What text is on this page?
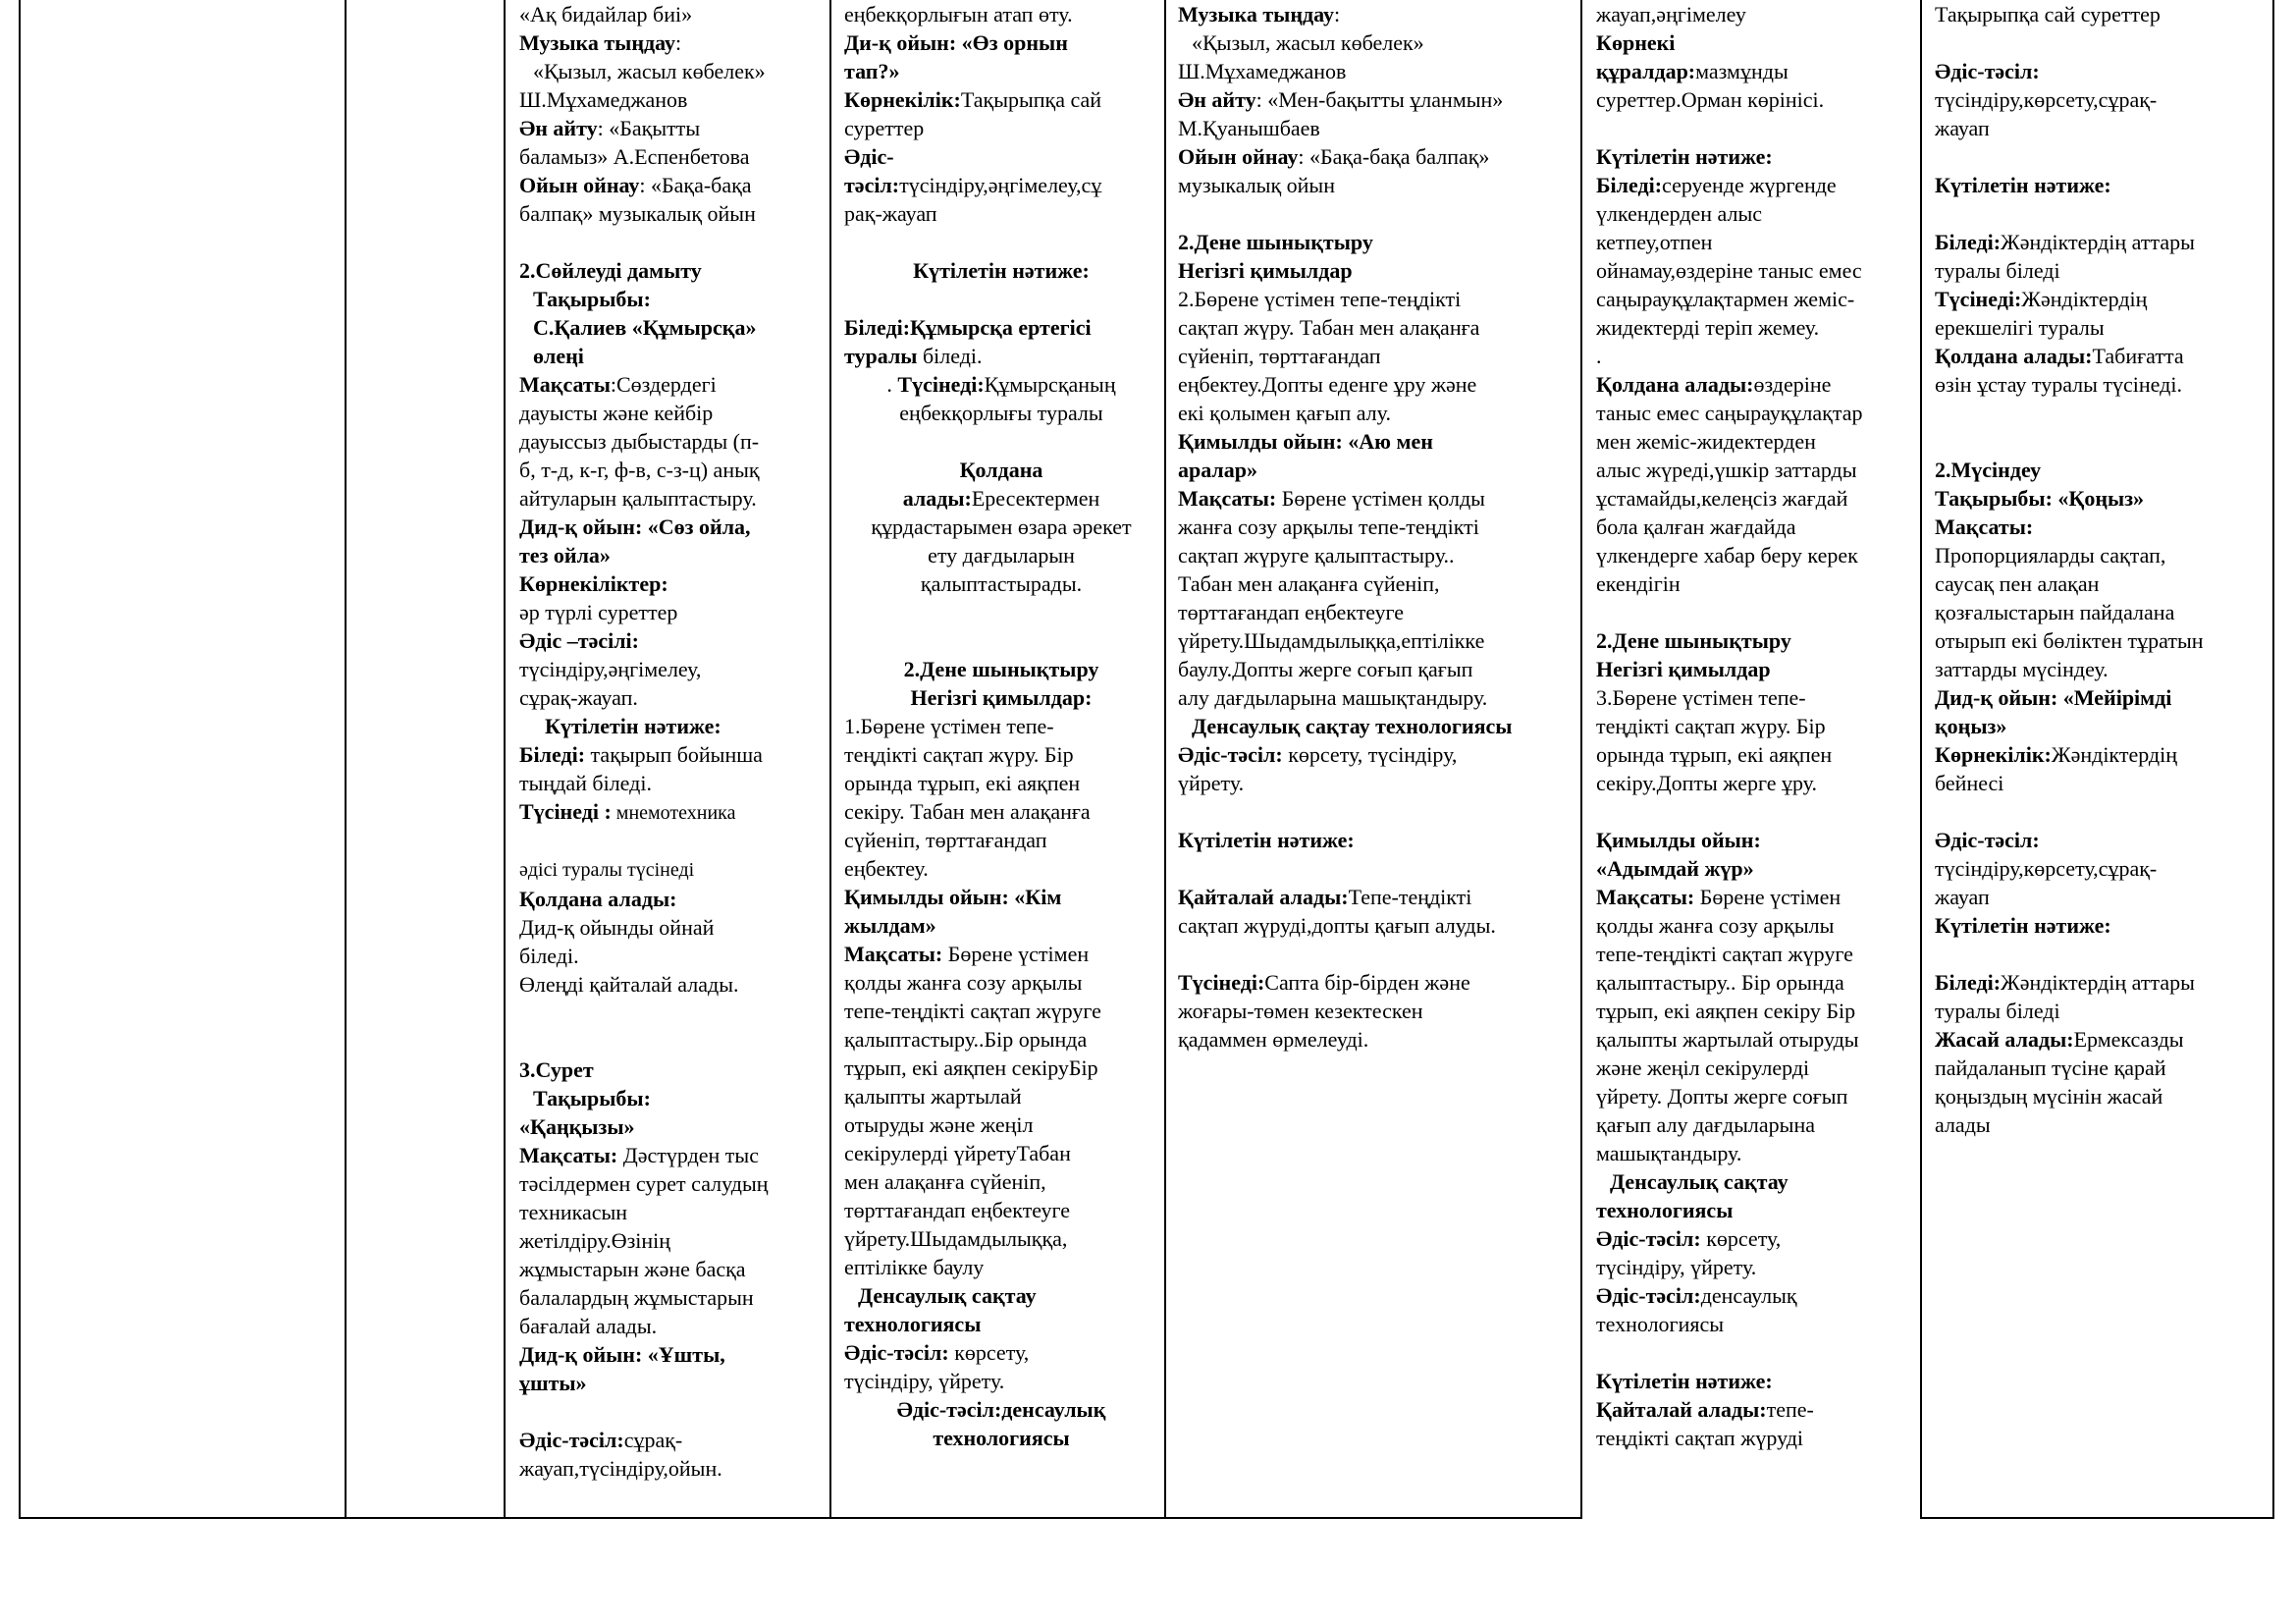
«Ақ бидайлар биі»

Музыка тыңдау:

«Қызыл, жасыл көбелек»

Ш.Мұхамеджанов

Ән айту: «Бақытты

баламыз» А.Еспенбетова

Ойын ойнау: «Бақа-бақа

балпақ» музыкалық ойын

2.Сөйлеуді дамыту

Тақырыбы:

С.Қалиев «Құмырсқа»

өлеңі

Мақсаты:Сөздердегі

дауысты және кейбір

дауыссыз дыбыстарды (п-

б, т-д, к-г, ф-в, с-з-ц) анық

айтуларын қалыптастыру.

Дид-қ ойын: «Сөз ойла,

тез ойла»

Көрнекіліктер:

әр түрлі суреттер

Әдіс –тәсілі:

түсіндіру,әңгімелеу,

сұрақ-жауап.

Күтілетін нәтиже:

Біледі: тақырып бойынша

тыңдай біледі.

Түсінеді : мнемотехника

әдісі туралы түсінеді

Қолдана алады:

Дид-қ ойынды ойнай

біледі.

Өлеңді қайталай алады.

3.Сурет

Тақырыбы:

«Қаңқызы»

Мақсаты: Дәстүрден тыс

тәсілдермен сурет салудың

техникасын

жетілдіру.Өзінің

жұмыстарын және басқа

балалардың жұмыстарын

бағалай алады.

Дид-қ ойын: «Ұшты,

ұшты»

Әдіс-тәсіл:сұрақ-

жауап,түсіндіру,ойын.

еңбекқорлығын атап өту.

Ди-қ ойын: «Өз орнын

тап?»

Көрнекілік:Тақырыпқа сай

суреттер

Әдіс-

тәсіл:түсіндіру,әңгімелеу,сұ

рақ-жауап

Күтілетін нәтиже:

Біледі:Құмырсқа ертегісі

туралы біледі.

. Түсінеді:Құмырсқаның

еңбекқорлығы туралы

Қолдана

алады:Ересектермен

құрдастарымен өзара әрекет

ету дағдыларын

қалыптастырады.

2.Дене шынықтыру

Негізгі қимылдар:

1.Бөрене үстімен тепе-

теңдікті сақтап жүру. Бір

орында тұрып, екі аяқпен

секіру. Табан мен алақанға

сүйеніп, төрттағандап

еңбектеу.

Қимылды ойын: «Кім

жылдам»

Мақсаты: Бөрене үстімен

қолды жанға созу арқылы

тепе-теңдікті сақтап жүруге

қалыптастыру..Бір орында

тұрып, екі аяқпен секіруБір

қалыпты жартылай

отыруды және жеңіл

секірулерді үйретуТабан

мен алақанға сүйеніп,

төрттағандап еңбектеуге

үйрету.Шыдамдылыққа,

ептілікке баулу

Денсаулық сақтау

технологиясы

Әдіс-тәсіл: көрсету,

түсіндіру, үйрету.

Әдіс-тәсіл:денсаулық

технологиясы

Музыка тыңдау:

«Қызыл, жасыл көбелек»

Ш.Мұхамеджанов

Ән айту: «Мен-бақытты ұланмын»

М.Қуанышбаев

Ойын ойнау: «Бақа-бақа балпақ»

музыкалық ойын

2.Дене шынықтыру

Негізгі қимылдар

2.Бөрене үстімен тепе-теңдікті

сақтап жүру. Табан мен алақанға

сүйеніп, төрттағандап

еңбектеу.Допты еденге ұру және

екі қолымен қағып алу.

Қимылды ойын: «Аю мен

аралар»

Мақсаты: Бөрене үстімен қолды

жанға созу арқылы тепе-теңдікті

сақтап жүруге қалыптастыру..

Табан мен алақанға сүйеніп,

төрттағандап еңбектеуге

үйрету.Шыдамдылыққа,ептілікке

баулу.Допты жерге соғып қағып

алу дағдыларына машықтандыру.

Денсаулық сақтау технологиясы

Әдіс-тәсіл: көрсету, түсіндіру,

үйрету.

Күтілетін нәтиже:

Қайталай алады:Тепе-теңдікті

сақтап жүруді,допты қағып алуды.

Түсінеді:Сапта бір-бірден және

жоғары-төмен кезектескен

қадаммен өрмелеуді.

жауап,әңгімелеу

Көрнекі

құралдар:мазмұнды

суреттер.Орман көрінісі.

Күтілетін нәтиже:

Біледі:серуенде жүргенде

үлкендерден алыс

кетпеу,отпен

ойнамау,өздеріне таныс емес

саңырауқұлақтармен жеміс-

жидектерді теріп жемеу.

.

Қолдана алады:өздеріне

таныс емес саңырауқұлақтар

мен жеміс-жидектерден

алыс жүреді,үшкір заттарды

ұстамайды,келеңсіз жағдай

бола қалған жағдайда

үлкендерге хабар беру керек

екендігін

2.Дене шынықтыру

Негізгі қимылдар

3.Бөрене үстімен тепе-

теңдікті сақтап жүру. Бір

орында тұрып, екі аяқпен

секіру.Допты жерге ұру.

Қимылды ойын:

«Адымдай жүр»

Мақсаты: Бөрене үстімен

қолды жанға созу арқылы

тепе-теңдікті сақтап жүруге

қалыптастыру.. Бір орында

тұрып, екі аяқпен секіру Бір

қалыпты жартылай отыруды

және жеңіл секірулерді

үйрету. Допты жерге соғып

қағып алу дағдыларына

машықтандыру.

Денсаулық сақтау

технологиясы

Әдіс-тәсіл: көрсету,

түсіндіру, үйрету.

Әдіс-тәсіл:денсаулық

технологиясы

Күтілетін нәтиже:

Қайталай алады:тепе-

теңдікті сақтап жүруді

Тақырыпқа сай суреттер

Әдіс-тәсіл:

түсіндіру,көрсету,сұрақ-

жауап

Күтілетін нәтиже:

Біледі:Жәндіктердің аттары

туралы біледі

Түсінеді:Жәндіктердің

ерекшелігі туралы

Қолдана алады:Табиғатта

өзін ұстау туралы түсінеді.

2.Мүсіндеу

Тақырыбы: «Қоңыз»

Мақсаты:

Пропорцияларды сақтап,

саусақ пен алақан

қозғалыстарын пайдалана

отырып екі бөліктен тұратын

заттарды мүсіндеу.

Дид-қ ойын: «Мейірімді

қоңыз»

Көрнекілік:Жәндіктердің

бейнесі

Әдіс-тәсіл:

түсіндіру,көрсету,сұрақ-

жауап

Күтілетін нәтиже:

Біледі:Жәндіктердің аттары

туралы біледі

Жасай алады:Ермексазды

пайдаланып түсіне қарай

қоңыздың мүсінін жасай

алады
